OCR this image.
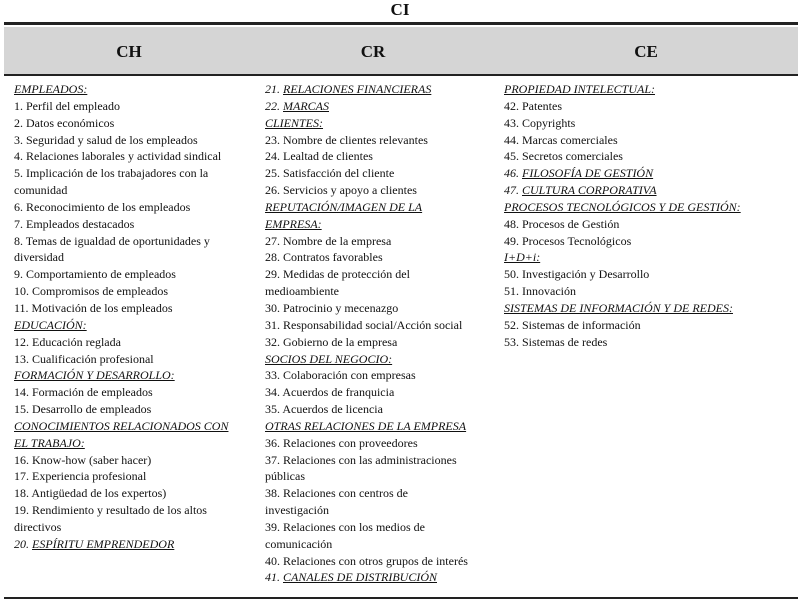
CI
CH	CR	CE
EMPLEADOS:
1. Perfil del empleado
2. Datos económicos
3. Seguridad y salud de los empleados
4. Relaciones laborales y actividad sindical
5. Implicación de los trabajadores con la
comunidad
6. Reconocimiento de los empleados
7. Empleados destacados
8. Temas de igualdad de oportunidades y
diversidad
9. Comportamiento de empleados
10. Compromisos de empleados
11. Motivación de los empleados
EDUCACIÓN:
12. Educación reglada
13. Cualificación profesional
FORMACIÓN Y DESARROLLO:
14. Formación de empleados
15. Desarrollo de empleados
CONOCIMIENTOS RELACIONADOS CON
EL TRABAJO:
16. Know-how (saber hacer)
17. Experiencia profesional
18. Antigüedad de los expertos)
19. Rendimiento y resultado de los altos
directivos
20. ESPÍRITU EMPRENDEDOR
21. RELACIONES FINANCIERAS
22. MARCAS
CLIENTES:
23. Nombre de clientes relevantes
24. Lealtad de clientes
25. Satisfacción del cliente
26. Servicios y apoyo a clientes
REPUTACIÓN/IMAGEN DE LA
EMPRESA:
27. Nombre de la empresa
28. Contratos favorables
29. Medidas de protección del
medioambiente
30. Patrocinio y mecenazgo
31. Responsabilidad social/Acción social
32. Gobierno de la empresa
SOCIOS DEL NEGOCIO:
33. Colaboración con empresas
34. Acuerdos de franquicia
35. Acuerdos de licencia
OTRAS RELACIONES DE LA EMPRESA
36. Relaciones con proveedores
37. Relaciones con las administraciones
públicas
38. Relaciones con centros de
investigación
39. Relaciones con los medios de
comunicación
40. Relaciones con otros grupos de interés
41. CANALES DE DISTRIBUCIÓN
PROPIEDAD INTELECTUAL:
42. Patentes
43. Copyrights
44. Marcas comerciales
45. Secretos comerciales
46. FILOSOFÍA DE GESTIÓN
47. CULTURA CORPORATIVA
PROCESOS TECNOLÓGICOS Y DE GESTIÓN:
48. Procesos de Gestión
49. Procesos Tecnológicos
I+D+i:
50. Investigación y Desarrollo
51. Innovación
SISTEMAS DE INFORMACIÓN Y DE REDES:
52. Sistemas de información
53. Sistemas de redes
